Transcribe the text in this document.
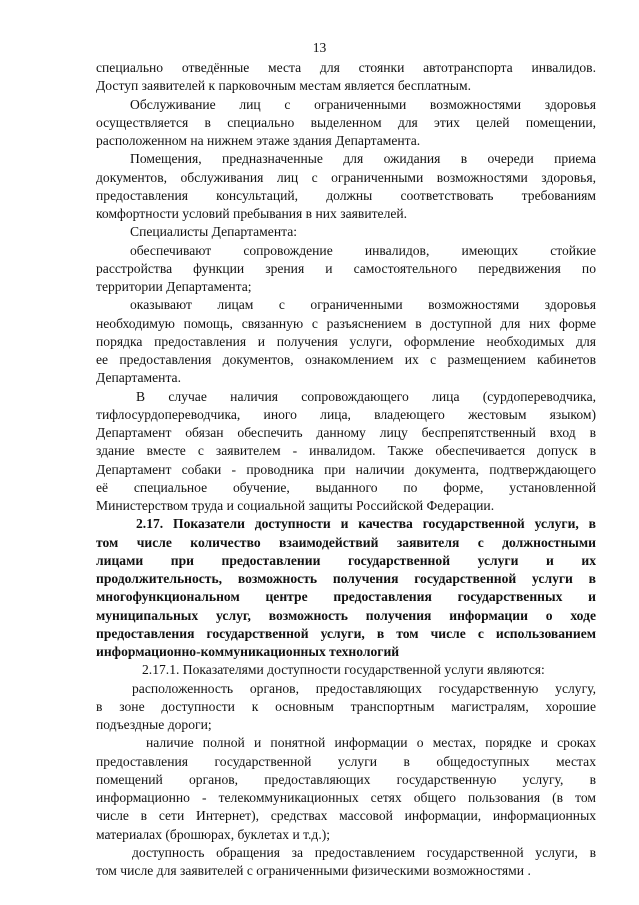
13
специально отведённые места для стоянки автотранспорта инвалидов.
Доступ заявителей к парковочным местам является бесплатным.
Обслуживание лиц с ограниченными возможностями здоровья
осуществляется в специально выделенном для этих целей помещении,
расположенном на нижнем этаже здания Департамента.
Помещения, предназначенные для ожидания в очереди приема
документов, обслуживания лиц с ограниченными возможностями здоровья,
предоставления консультаций, должны соответствовать требованиям
комфортности условий пребывания в них заявителей.
Специалисты Департамента:
обеспечивают сопровождение инвалидов, имеющих стойкие
расстройства функции зрения и самостоятельного передвижения по
территории Департамента;
оказывают лицам с ограниченными возможностями здоровья
необходимую помощь, связанную с разъяснением в доступной для них форме
порядка предоставления и получения услуги, оформление необходимых для
ее предоставления документов, ознакомлением их с размещением кабинетов
Департамента.
В случае наличия сопровождающего лица (сурдопереводчика,
тифлосурдопереводчика, иного лица, владеющего жестовым языком)
Департамент обязан обеспечить данному лицу беспрепятственный вход в
здание вместе с заявителем - инвалидом. Также обеспечивается допуск в
Департамент собаки - проводника при наличии документа, подтверждающего
её специальное обучение, выданного по форме, установленной
Министерством труда и социальной защиты Российской Федерации.
2.17. Показатели доступности и качества государственной услуги, в
том числе количество взаимодействий заявителя с должностными
лицами при предоставлении государственной услуги и их
продолжительность, возможность получения государственной услуги в
многофункциональном центре предоставления государственных и
муниципальных услуг, возможность получения информации о ходе
предоставления государственной услуги, в том числе с использованием
информационно-коммуникационных технологий
2.17.1. Показателями доступности государственной услуги являются:
расположенность органов, предоставляющих государственную услугу,
в зоне доступности к основным транспортным магистралям, хорошие
подъездные дороги;
наличие полной и понятной информации о местах, порядке и сроках
предоставления государственной услуги в общедоступных местах
помещений органов, предоставляющих государственную услугу, в
информационно - телекоммуникационных сетях общего пользования (в том
числе в сети Интернет), средствах массовой информации, информационных
материалах (брошюрах, буклетах и т.д.);
доступность обращения за предоставлением государственной услуги, в
том числе для заявителей с ограниченными физическими возможностями .
